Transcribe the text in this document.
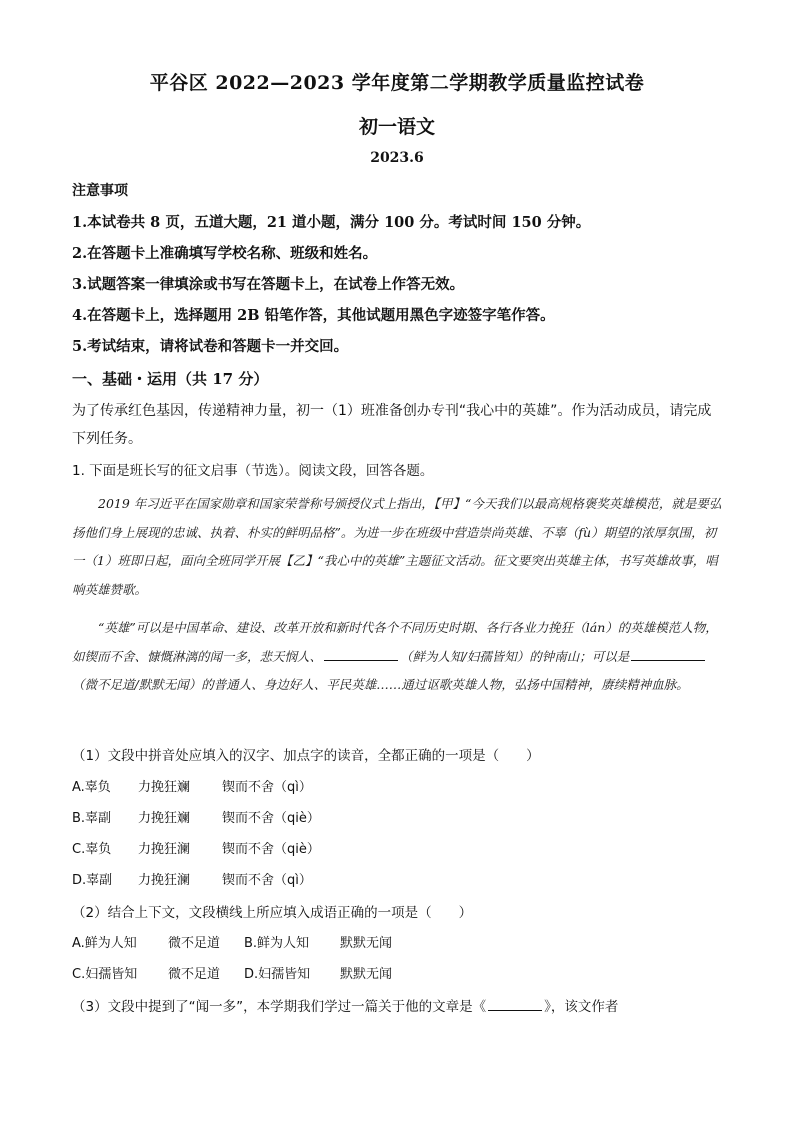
平谷区 2022—2023 学年度第二学期教学质量监控试卷
初一语文
2023.6
注意事项
1.本试卷共 8 页，五道大题，21 道小题，满分 100 分。考试时间 150 分钟。
2.在答题卡上准确填写学校名称、班级和姓名。
3.试题答案一律填涂或书写在答题卡上，在试卷上作答无效。
4.在答题卡上，选择题用 2B 铅笔作答，其他试题用黑色字迹签字笔作答。
5.考试结束，请将试卷和答题卡一并交回。
一、基础・运用（共 17 分）
为了传承红色基因，传递精神力量，初一（1）班准备创办专刊“我心中的英雄”。作为活动成员，请完成下列任务。
1. 下面是班长写的征文启事（节选）。阅读文段，回答各题。
2019 年习近平在国家勋章和国家荣誉称号颁授仪式上指出，【甲】“今天我们以最高规格褒奖英雄模范，就是要弘扬他们身上展现的忠诚、执着、朴实的鲜明品格”。为进一步在班级中营造崇尚英雄、不辜（fù）期望的浓厚氛围，初一（1）班即日起，面向全班同学开展【乙】“我心中的英雄”主题征文活动。征文要突出英雄主体，书写英雄故事，唱响英雄赞歌。
“英雄”可以是中国革命、建设、改革开放和新时代各个不同历史时期、各行各业力挽狂（lán）的英雄模范人物，如锲而不舍、慷慨淋漓的闻一多，悲天悯人、	（鲜为人知/妇孺皆知）的钟南山；可以是（微不足道/默默无闻）的普通人、身边好人、平民英雄……通过讴歌英雄人物，弘扬中国精神，赓续精神血脉。
（1）文段中拼音处应填入的汉字、加点字的读音，全都正确的一项是（　　）
A.辜负 力挽狂斓 锲而不舍（qì）
B.辜副 力挽狂斓 锲而不舍（qiè）
C.辜负 力挽狂澜 锲而不舍（qiè）
D.辜副 力挽狂澜 锲而不舍（qì）
（2）结合上下文，文段横线上所应填入成语正确的一项是（　　）
A.鲜为人知 微不足道 B.鲜为人知 默默无闻
C.妇孺皆知 微不足道 D.妇孺皆知 默默无闻
（3）文段中提到了“闻一多”，本学期我们学过一篇关于他的文章是《	》，该文作者
